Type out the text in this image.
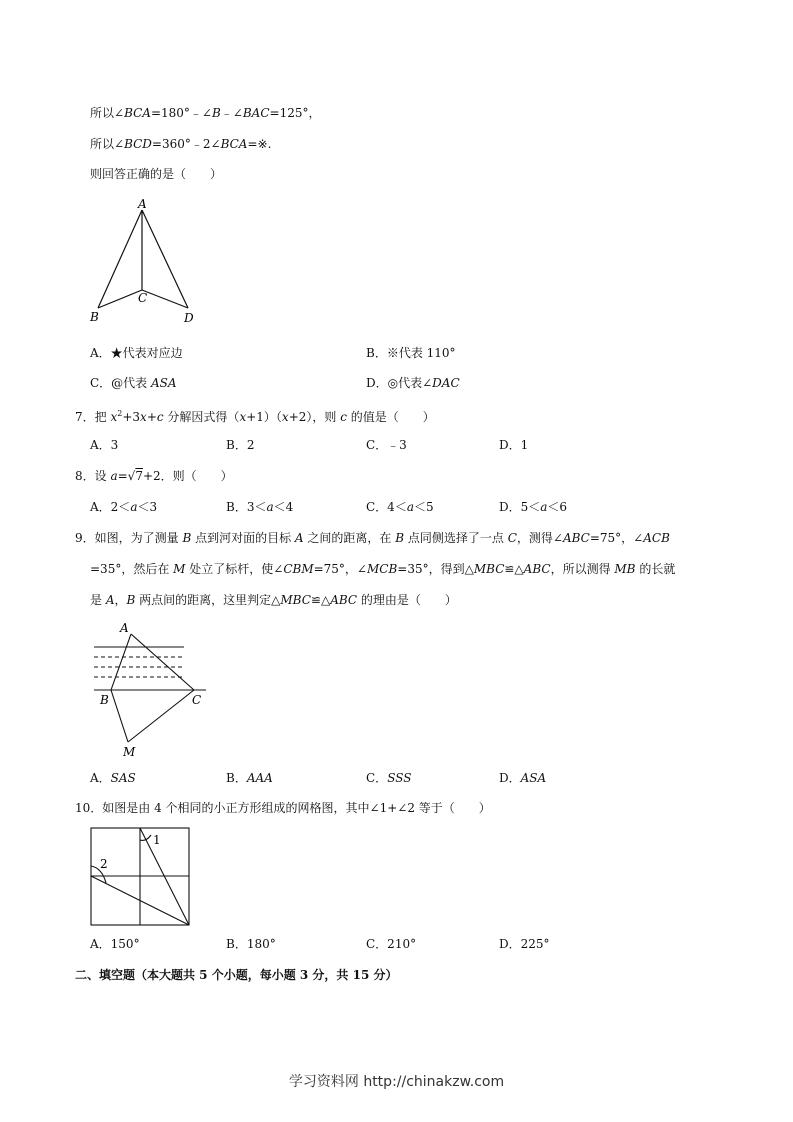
所以∠BCA=180°﹣∠B﹣∠BAC=125°，
所以∠BCD=360°﹣2∠BCA=※.
则回答正确的是（　　）
A
C
B	D
A．★代表对应边	B．※代表 110°
C．@代表 ASA	D．◎代表∠DAC
7．把 $x^2+3x+c$ 分解因式得（x+1）（x+2），则 c 的值是（　　）
A．3	B．2	C．﹣3	D．1
8．设 a=√7+2．则（　　）
A．2＜a＜3	B．3＜a＜4	C．4＜a＜5	D．5＜a＜6
9．如图，为了测量 B 点到河对面的目标 A 之间的距离，在 B 点同侧选择了一点 C，测得∠ABC=75°，∠ACB
=35°，然后在 M 处立了标杆，使∠CBM=75°，∠MCB=35°，得到△MBC≌△ABC，所以测得 MB 的长就
是 A，B 两点间的距离，这里判定△MBC≌△ABC 的理由是（　　）
A
B	C
M
A．SAS	B．AAA	C．SSS	D．ASA
10．如图是由 4 个相同的小正方形组成的网格图，其中∠1+∠2 等于（　　）
1
2
A．150°	B．180°	C．210°	D．225°
二、填空题（本大题共 5 个小题，每小题 3 分，共 15 分）
学习资料网 http://chinakzw.com
